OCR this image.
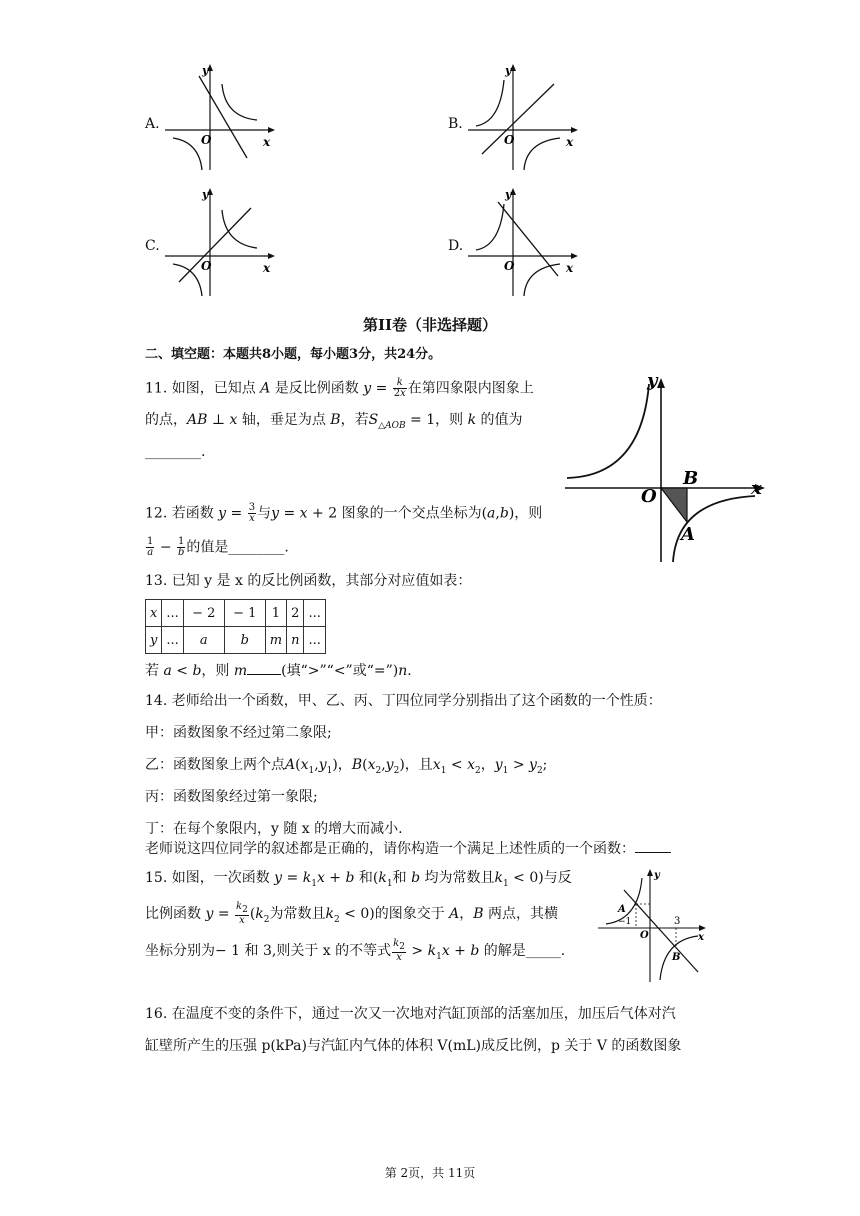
A.
O	x
y
B.
O	x
y
C.
O	x
y
D.
O	x
y
第II卷（非选择题）
二、填空题：本题共8小题，每小题3分，共24分。
11. 如图，已知点 A 是反比例函数 $y = \frac{k}{2x}$ 在第四象限内图象上
的点，AB ⊥ x 轴，垂足为点 B，若$S_{\triangle AOB} = 1$，则 k 的值为
________.
O
B
A
x
y
12. 若函数 $y = \frac{3}{x}$ 与y = x + 2 图象的一个交点坐标为(a,b)，则
$\frac{1}{a} - \frac{1}{b}$ 的值是________.
13. 已知 y 是 x 的反比例函数，其部分对应值如表：
x	...	− 2	− 1	1	2	...
y	...	a	b	m	n	...
若 a < b，则 m (填“>”“<”或“=”)n.
14. 老师给出一个函数，甲、乙、丙、丁四位同学分别指出了这个函数的一个性质：
甲：函数图象不经过第二象限;
乙：函数图象上两个点$A(x_1,y_1)$，$B(x_2,y_2)$，且$x_1 < x_2$，$y_1 > y_2$;
丙：函数图象经过第一象限;
丁：在每个象限内，y 随 x 的增大而减小.
老师说这四位同学的叙述都是正确的，请你构造一个满足上述性质的一个函数：
15. 如图，一次函数 $y = k_1x + b$ 和($k_1$和 b 均为常数且$k_1 < 0$)与反
比例函数 $y = \frac{k_2}{x} (k_2$为常数且$k_2 < 0$)的图象交于 A，B 两点，其横
坐标分别为− 1 和 3,则关于 x 的不等式 $\frac{k_2}{x} > k_1x + b$ 的解是_____.
A
−1
O
3
B
x
y
16. 在温度不变的条件下，通过一次又一次地对汽缸顶部的活塞加压，加压后气体对汽
缸壁所产生的压强 p(kPa)与汽缸内气体的体积 V(mL)成反比例，p 关于 V 的函数图象
第 2页，共 11页
